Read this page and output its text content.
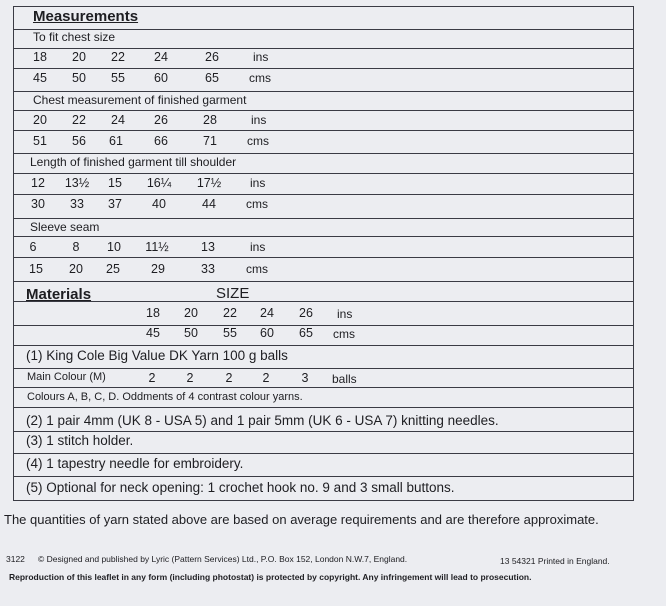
Measurements
To fit chest size
18	20	22	24	26	ins
45	50	55	60	65	cms
Chest measurement of finished garment
20	22	24	26	28	ins
51	56	61	66	71	cms
Length of finished garment till shoulder
12	13½	15	16¼	17½	ins
30	33	37	40	44	cms
Sleeve seam
6	8	10	11½	13	ins
15	20	25	29	33	cms
Materials	SIZE
18	20	22	24	26	ins
45	50	55	60	65	cms
(1) King Cole Big Value DK Yarn 100 g balls
Main Colour (M)	2	2	2	2	3	balls
Colours A, B, C, D. Oddments of 4 contrast colour yarns.
(2) 1 pair 4mm (UK 8 - USA 5) and 1 pair 5mm (UK 6 - USA 7) knitting needles.
(3) 1 stitch holder.
(4) 1 tapestry needle for embroidery.
(5) Optional for neck opening: 1 crochet hook no. 9 and 3 small buttons.
The quantities of yarn stated above are based on average requirements and are therefore approximate.
3122 © Designed and published by Lyric (Pattern Services) Ltd., P.O. Box 152, London N.W.7, England.	13 54321 Printed in England.
Reproduction of this leaflet in any form (including photostat) is protected by copyright. Any infringement will lead to prosecution.
